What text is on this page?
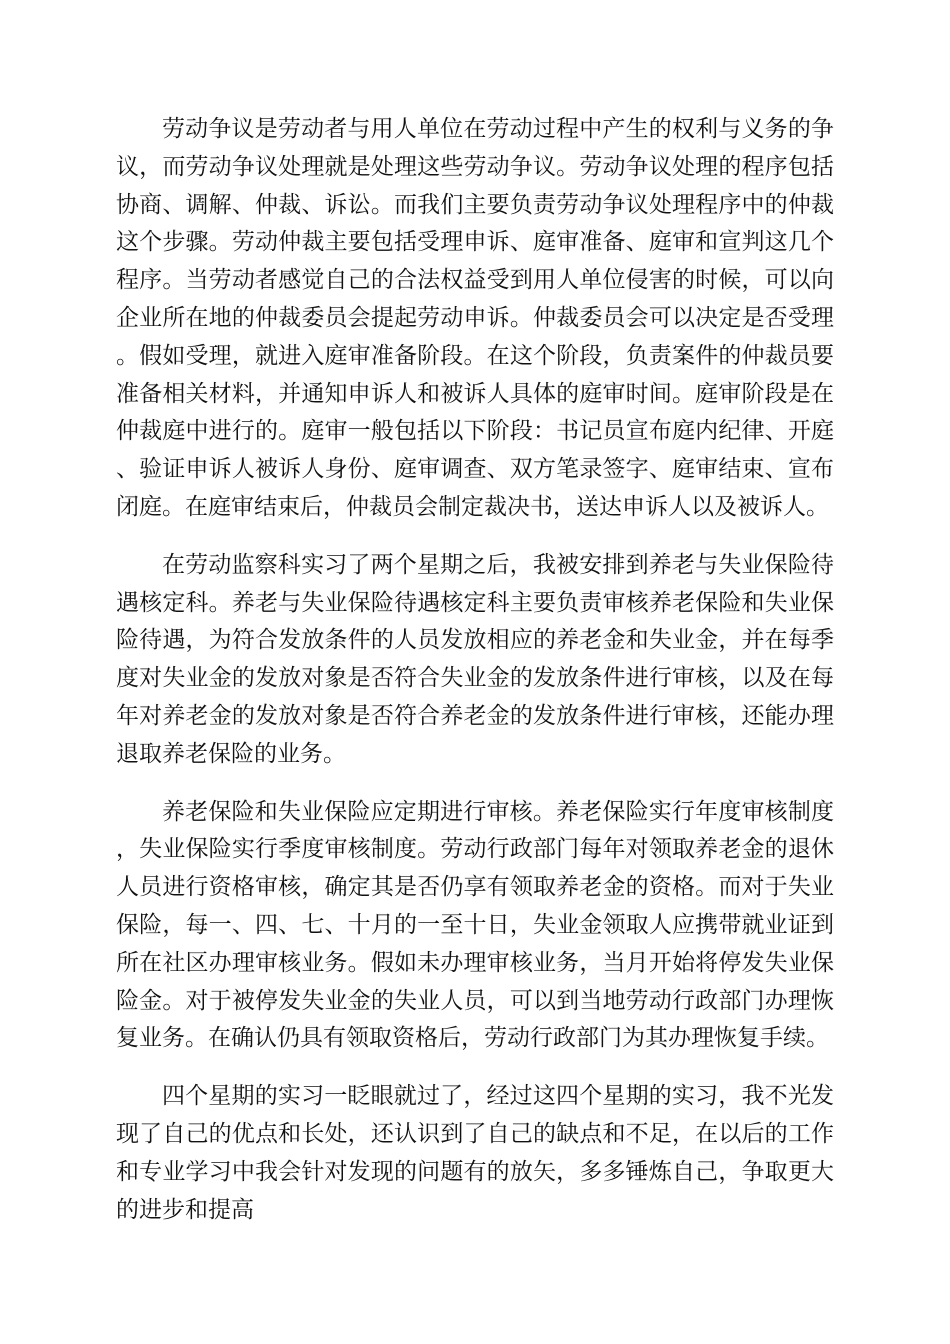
劳动争议是劳动者与用人单位在劳动过程中产生的权利与义务的争议，而劳动争议处理就是处理这些劳动争议。劳动争议处理的程序包括协商、调解、仲裁、诉讼。而我们主要负责劳动争议处理程序中的仲裁这个步骤。劳动仲裁主要包括受理申诉、庭审准备、庭审和宣判这几个程序。当劳动者感觉自己的合法权益受到用人单位侵害的时候，可以向企业所在地的仲裁委员会提起劳动申诉。仲裁委员会可以决定是否受理。假如受理，就进入庭审准备阶段。在这个阶段，负责案件的仲裁员要准备相关材料，并通知申诉人和被诉人具体的庭审时间。庭审阶段是在仲裁庭中进行的。庭审一般包括以下阶段：书记员宣布庭内纪律、开庭、验证申诉人被诉人身份、庭审调查、双方笔录签字、庭审结束、宣布闭庭。在庭审结束后，仲裁员会制定裁决书，送达申诉人以及被诉人。

在劳动监察科实习了两个星期之后，我被安排到养老与失业保险待遇核定科。养老与失业保险待遇核定科主要负责审核养老保险和失业保险待遇，为符合发放条件的人员发放相应的养老金和失业金，并在每季度对失业金的发放对象是否符合失业金的发放条件进行审核，以及在每年对养老金的发放对象是否符合养老金的发放条件进行审核，还能办理退取养老保险的业务。

养老保险和失业保险应定期进行审核。养老保险实行年度审核制度，失业保险实行季度审核制度。劳动行政部门每年对领取养老金的退休人员进行资格审核，确定其是否仍享有领取养老金的资格。而对于失业保险，每一、四、七、十月的一至十日，失业金领取人应携带就业证到所在社区办理审核业务。假如未办理审核业务，当月开始将停发失业保险金。对于被停发失业金的失业人员，可以到当地劳动行政部门办理恢复业务。在确认仍具有领取资格后，劳动行政部门为其办理恢复手续。

四个星期的实习一眨眼就过了，经过这四个星期的实习，我不光发现了自己的优点和长处，还认识到了自己的缺点和不足，在以后的工作和专业学习中我会针对发现的问题有的放矢，多多锤炼自己，争取更大的进步和提高
